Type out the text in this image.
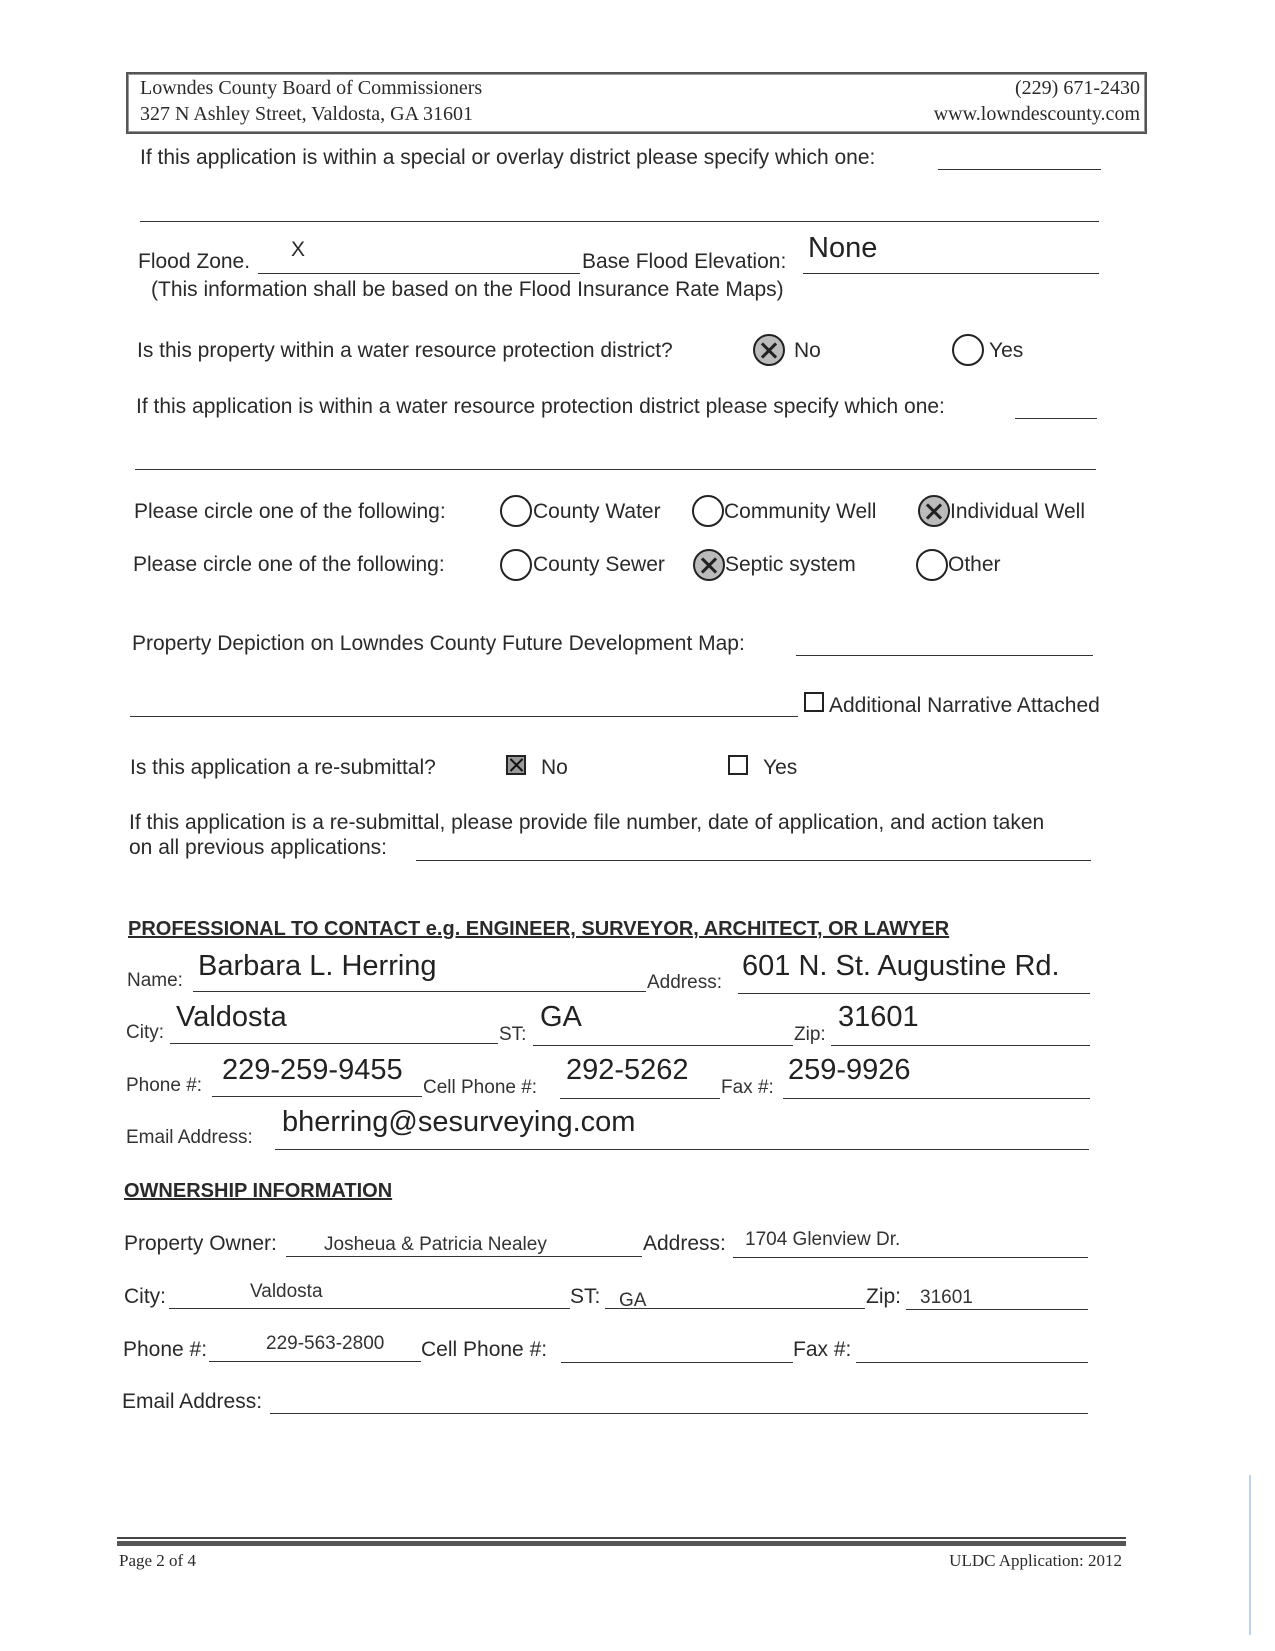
Lowndes County Board of Commissioners
327 N Ashley Street, Valdosta, GA 31601
(229) 671-2430
www.lowndescounty.com
If this application is within a special or overlay district please specify which one:
Flood Zone.
X
Base Flood Elevation: None
(This information shall be based on the Flood Insurance Rate Maps)
Is this property within a water resource protection district?	No	Yes
If this application is within a water resource protection district please specify which one:
Please circle one of the following:	County Water	Community Well	Individual Well
Please circle one of the following:	County Sewer	Septic system	Other
Property Depiction on Lowndes County Future Development Map:
Additional Narrative Attached
Is this application a re-submittal?	No	Yes
If this application is a re-submittal, please provide file number, date of application, and action taken
on all previous applications:
PROFESSIONAL TO CONTACT e.g. ENGINEER, SURVEYOR, ARCHITECT, OR LAWYER
Name: Barbara L. Herring
Address:
601 N. St. Augustine Rd.
City: Valdosta
ST:
GA
Zip:
31601
Phone #: 229-259-9455
Cell Phone #:
292-5262
Fax #:
259-9926
Email Address: bherring@sesurveying.com
OWNERSHIP INFORMATION
Property Owner: Josheua & Patricia Nealey	Address: 1704 Glenview Dr.
City:	Valdosta	ST: GA	Zip: 31601
Phone #:	229-563-2800 Cell Phone #:	Fax #:
Email Address:
Page 2 of 4	ULDC Application: 2012
